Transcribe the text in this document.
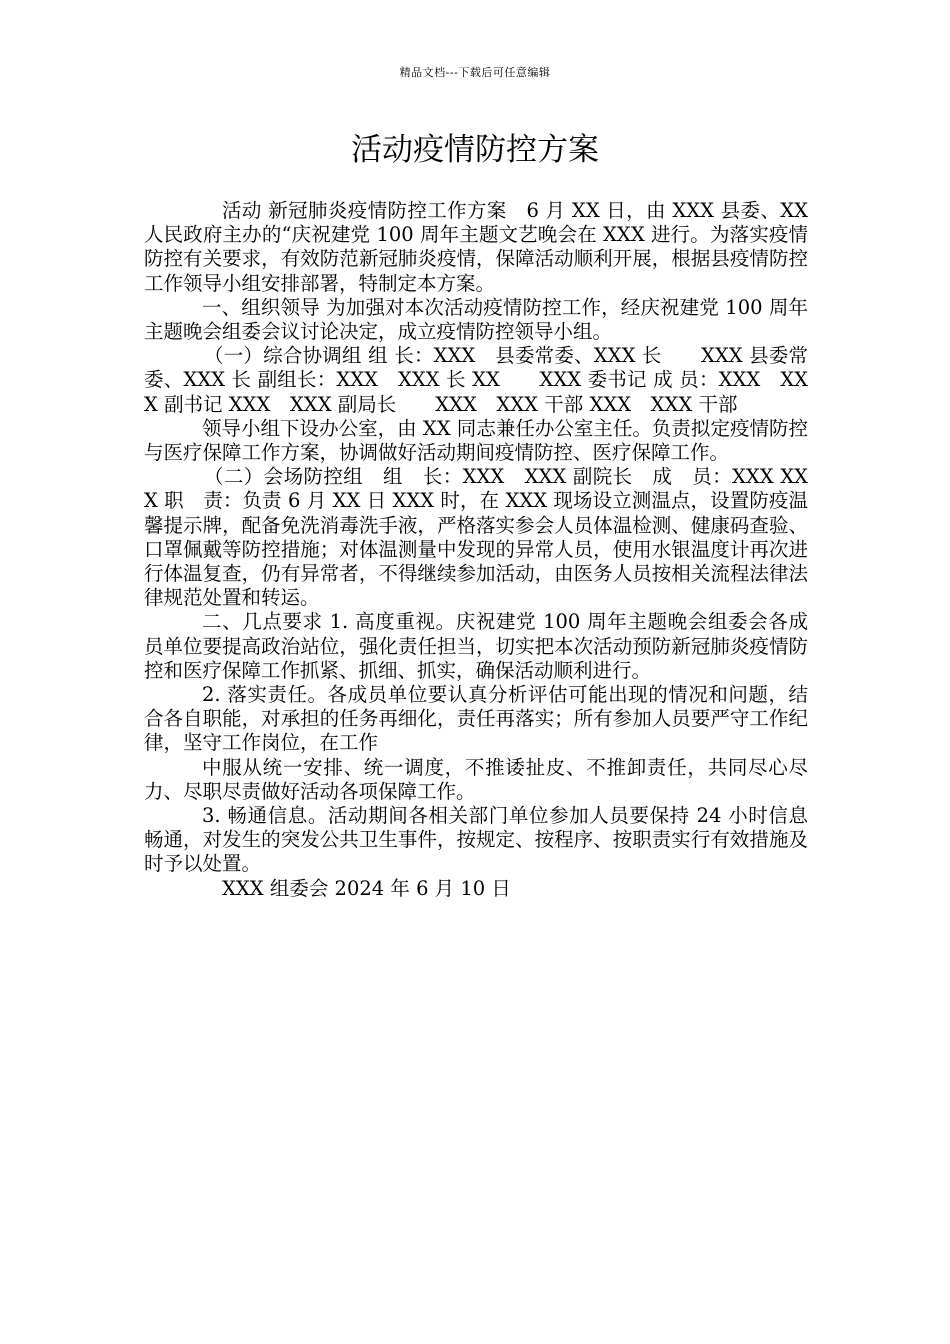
精品文档---下载后可任意编辑
活动疫情防控方案

活动 新冠肺炎疫情防控工作方案　6 月 XX 日，由 XXX 县委、XX 人民政府主办的“庆祝建党 100 周年主题文艺晚会在 XXX 进行。为落实疫情防控有关要求，有效防范新冠肺炎疫情，保障活动顺利开展，根据县疫情防控工作领导小组安排部署，特制定本方案。

一、组织领导 为加强对本次活动疫情防控工作，经庆祝建党 100 周年主题晚会组委会议讨论决定，成立疫情防控领导小组。

（一）综合协调组 组 长：XXX　县委常委、XXX 长　　XXX 县委常委、XXX 长 副组长：XXX　XXX 长 XX　　XXX 委书记 成 员：XXX　XXX 副书记 XXX　XXX 副局长　　XXX　XXX 干部 XXX　XXX 干部

领导小组下设办公室，由 XX 同志兼任办公室主任。负责拟定疫情防控与医疗保障工作方案，协调做好活动期间疫情防控、医疗保障工作。

（二）会场防控组　组　长：XXX　XXX 副院长　成　员：XXX XXX 职　责：负责 6 月 XX 日 XXX 时，在 XXX 现场设立测温点，设置防疫温馨提示牌，配备免洗消毒洗手液，严格落实参会人员体温检测、健康码查验、口罩佩戴等防控措施；对体温测量中发现的异常人员，使用水银温度计再次进行体温复查，仍有异常者，不得继续参加活动，由医务人员按相关流程法律法律规范处置和转运。

二、几点要求 1. 高度重视。庆祝建党 100 周年主题晚会组委会各成员单位要提高政治站位，强化责任担当，切实把本次活动预防新冠肺炎疫情防控和医疗保障工作抓紧、抓细、抓实，确保活动顺利进行。

2. 落实责任。各成员单位要认真分析评估可能出现的情况和问题，结合各自职能，对承担的任务再细化，责任再落实；所有参加人员要严守工作纪律，坚守工作岗位，在工作

中服从统一安排、统一调度，不推诿扯皮、不推卸责任，共同尽心尽力、尽职尽责做好活动各项保障工作。

3. 畅通信息。活动期间各相关部门单位参加人员要保持 24 小时信息畅通，对发生的突发公共卫生事件，按规定、按程序、按职责实行有效措施及时予以处置。

XXX 组委会 2024 年 6 月 10 日
